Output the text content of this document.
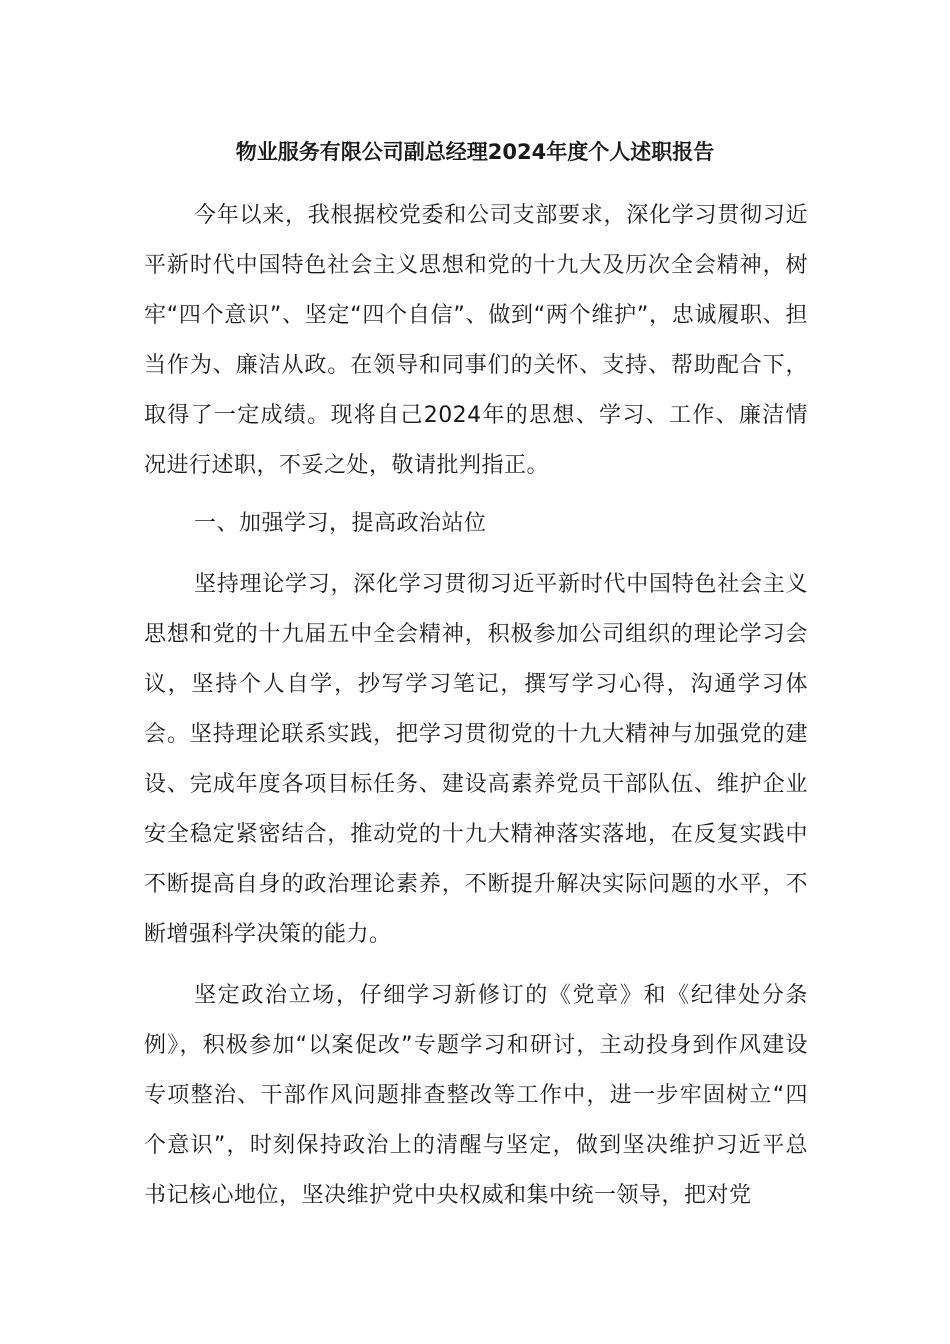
物业服务有限公司副总经理2024年度个人述职报告

今年以来，我根据校党委和公司支部要求，深化学习贯彻习近平新时代中国特色社会主义思想和党的十九大及历次全会精神，树牢“四个意识”、坚定“四个自信”、做到“两个维护”，忠诚履职、担当作为、廉洁从政。在领导和同事们的关怀、支持、帮助配合下，取得了一定成绩。现将自己2024年的思想、学习、工作、廉洁情况进行述职，不妥之处，敬请批判指正。

一、加强学习，提高政治站位

坚持理论学习，深化学习贯彻习近平新时代中国特色社会主义思想和党的十九届五中全会精神，积极参加公司组织的理论学习会议，坚持个人自学，抄写学习笔记，撰写学习心得，沟通学习体会。坚持理论联系实践，把学习贯彻党的十九大精神与加强党的建设、完成年度各项目标任务、建设高素养党员干部队伍、维护企业安全稳定紧密结合，推动党的十九大精神落实落地，在反复实践中不断提高自身的政治理论素养，不断提升解决实际问题的水平，不断增强科学决策的能力。

坚定政治立场，仔细学习新修订的《党章》和《纪律处分条例》，积极参加“以案促改”专题学习和研讨，主动投身到作风建设专项整治、干部作风问题排查整改等工作中，进一步牢固树立“四个意识”，时刻保持政治上的清醒与坚定，做到坚决维护习近平总书记核心地位，坚决维护党中央权威和集中统一领导，把对党
